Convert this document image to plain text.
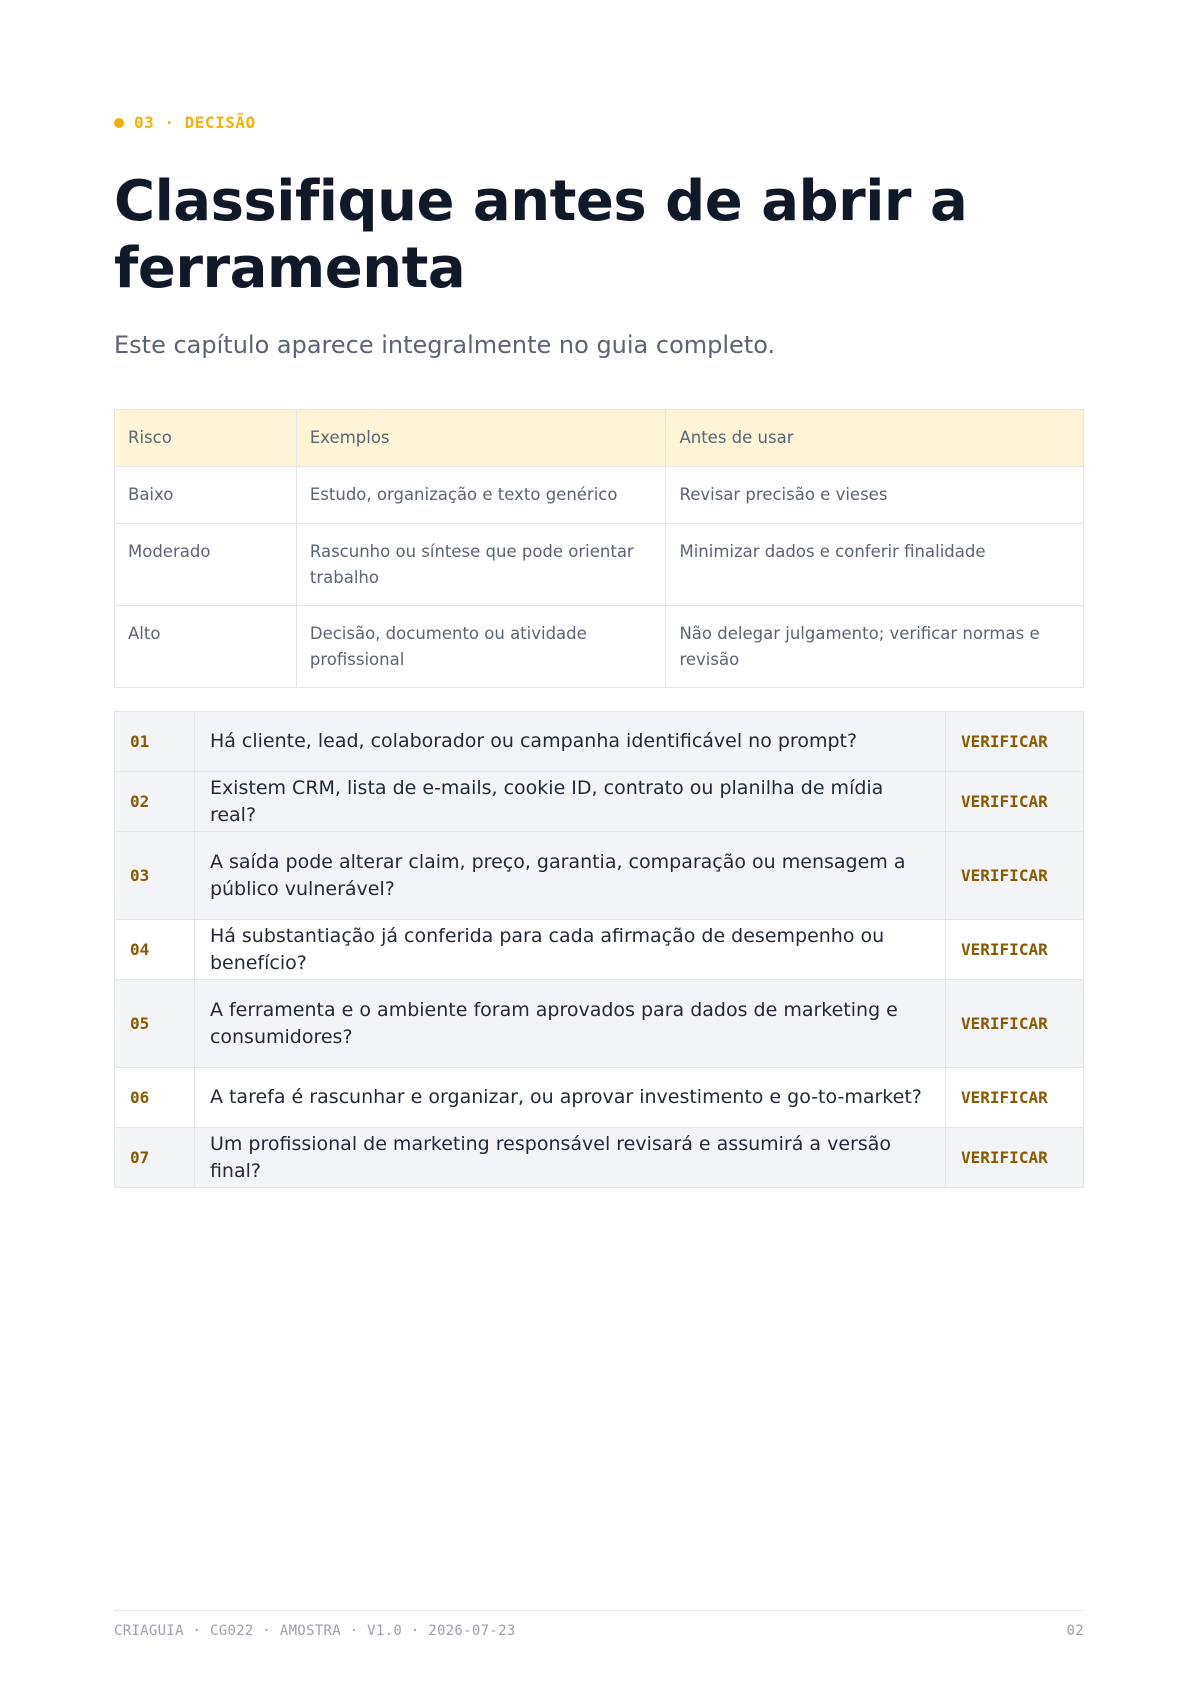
03 · DECISÃO
Classifique antes de abrir a ferramenta

Este capítulo aparece integralmente no guia completo.

Risco	Exemplos	Antes de usar
Baixo	Estudo, organização e texto genérico	Revisar precisão e vieses
Moderado	Rascunho ou síntese que pode orientar trabalho	Minimizar dados e conferir finalidade
Alto	Decisão, documento ou atividade profissional	Não delegar julgamento; verificar normas e revisão
01	Há cliente, lead, colaborador ou campanha identificável no prompt?	VERIFICAR
02	Existem CRM, lista de e-mails, cookie ID, contrato ou planilha de mídia real?	VERIFICAR
03	A saída pode alterar claim, preço, garantia, comparação ou mensagem a público vulnerável?	VERIFICAR
04	Há substantiação já conferida para cada afirmação de desempenho ou benefício?	VERIFICAR
05	A ferramenta e o ambiente foram aprovados para dados de marketing e consumidores?	VERIFICAR
06	A tarefa é rascunhar e organizar, ou aprovar investimento e go-to-market?	VERIFICAR
07	Um profissional de marketing responsável revisará e assumirá a versão final?	VERIFICAR
CRIAGUIA · CG022 · AMOSTRA · V1.0 · 2026-07-23	02
